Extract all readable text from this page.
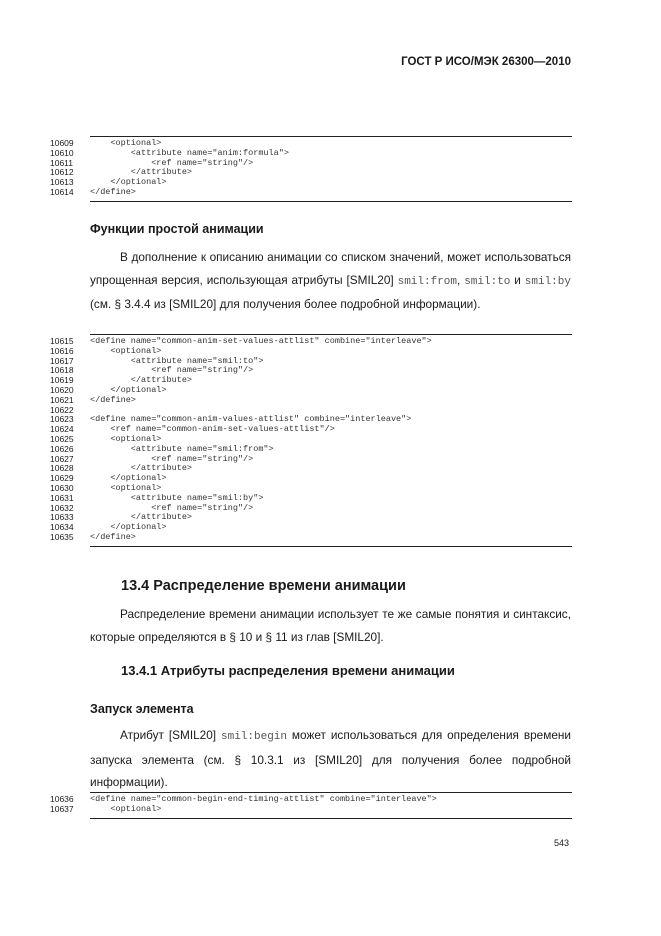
ГОСТ Р ИСО/МЭК 26300—2010
10609	<optional>
10610	<attribute name="anim:formula">
10611	<ref name="string"/>
10612	</attribute>
10613	</optional>
10614	</define>
Функции простой анимации
В дополнение к описанию анимации со списком значений, может использоваться упрощенная версия, использующая атрибуты [SMIL20] smil:from, smil:to и smil:by (см. § 3.4.4 из [SMIL20] для получения более подробной информации).
10615	<define name="common-anim-set-values-attlist" combine="interleave">
10616	<optional>
10617	<attribute name="smil:to">
10618	<ref name="string"/>
10619	</attribute>
10620	</optional>
10621	</define>
10622
10623	<define name="common-anim-values-attlist" combine="interleave">
10624	<ref name="common-anim-set-values-attlist"/>
10625	<optional>
10626	<attribute name="smil:from">
10627	<ref name="string"/>
10628	</attribute>
10629	</optional>
10630	<optional>
10631	<attribute name="smil:by">
10632	<ref name="string"/>
10633	</attribute>
10634	</optional>
10635	</define>
13.4 Распределение времени анимации
Распределение времени анимации использует те же самые понятия и синтаксис, которые определяются в § 10 и § 11 из глав [SMIL20].
13.4.1 Атрибуты распределения времени анимации
Запуск элемента
Атрибут [SMIL20] smil:begin может использоваться для определения времени запуска элемента (см. § 10.3.1 из [SMIL20] для получения более подробной информации).
10636	<define name="common-begin-end-timing-attlist" combine="interleave">
10637	<optional>
543
